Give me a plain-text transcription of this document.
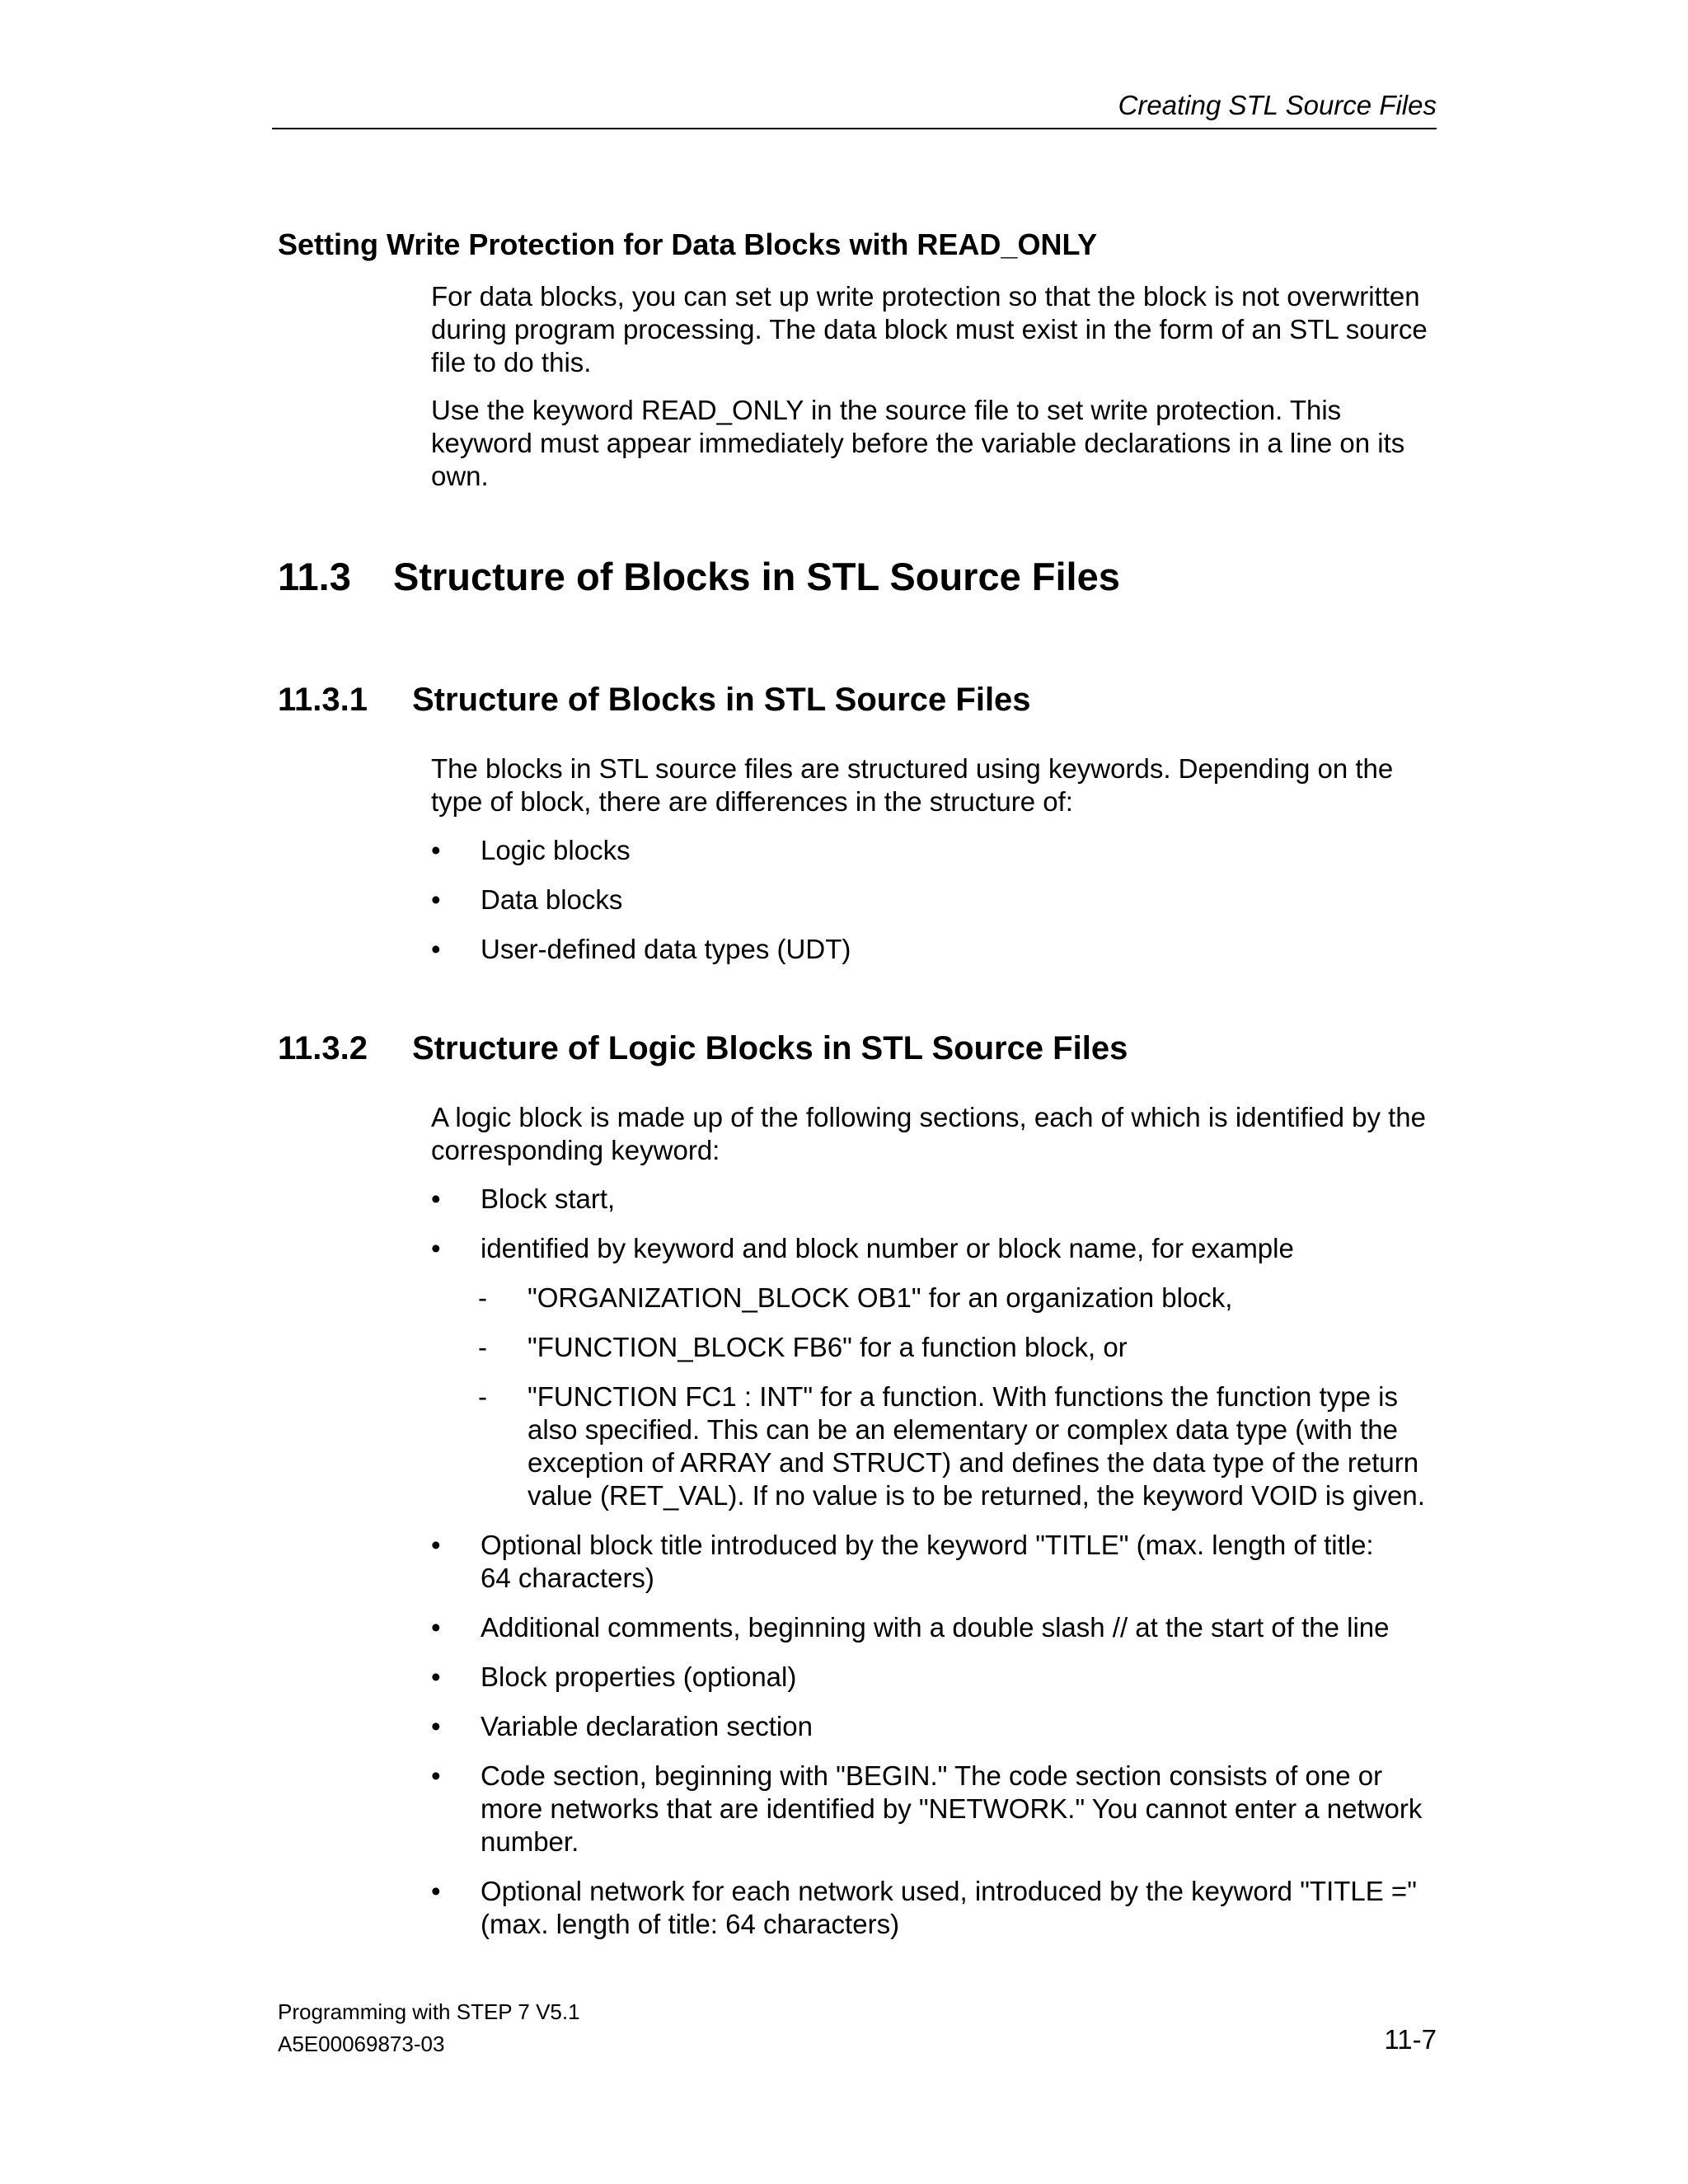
Creating STL Source Files
Setting Write Protection for Data Blocks with READ_ONLY
For data blocks, you can set up write protection so that the block is not overwritten
during program processing. The data block must exist in the form of an STL source
file to do this.
Use the keyword READ_ONLY in the source file to set write protection. This
keyword must appear immediately before the variable declarations in a line on its
own.
11.3 Structure of Blocks in STL Source Files
11.3.1 Structure of Blocks in STL Source Files
The blocks in STL source files are structured using keywords. Depending on the
type of block, there are differences in the structure of:
•	Logic blocks
•	Data blocks
•	User-defined data types (UDT)
11.3.2 Structure of Logic Blocks in STL Source Files
A logic block is made up of the following sections, each of which is identified by the
corresponding keyword:
•	Block start,
•	identified by keyword and block number or block name, for example
- "ORGANIZATION_BLOCK OB1" for an organization block,
- "FUNCTION_BLOCK FB6" for a function block, or
- "FUNCTION FC1 : INT" for a function. With functions the function type is
also specified. This can be an elementary or complex data type (with the
exception of ARRAY and STRUCT) and defines the data type of the return
value (RET_VAL). If no value is to be returned, the keyword VOID is given.
•	Optional block title introduced by the keyword "TITLE" (max. length of title:
64 characters)
•	Additional comments, beginning with a double slash // at the start of the line
•	Block properties (optional)
•	Variable declaration section
•	Code section, beginning with "BEGIN." The code section consists of one or
more networks that are identified by "NETWORK." You cannot enter a network
number.
•	Optional network for each network used, introduced by the keyword "TITLE ="
(max. length of title: 64 characters)
Programming with STEP 7 V5.1
A5E00069873-03	11-7
